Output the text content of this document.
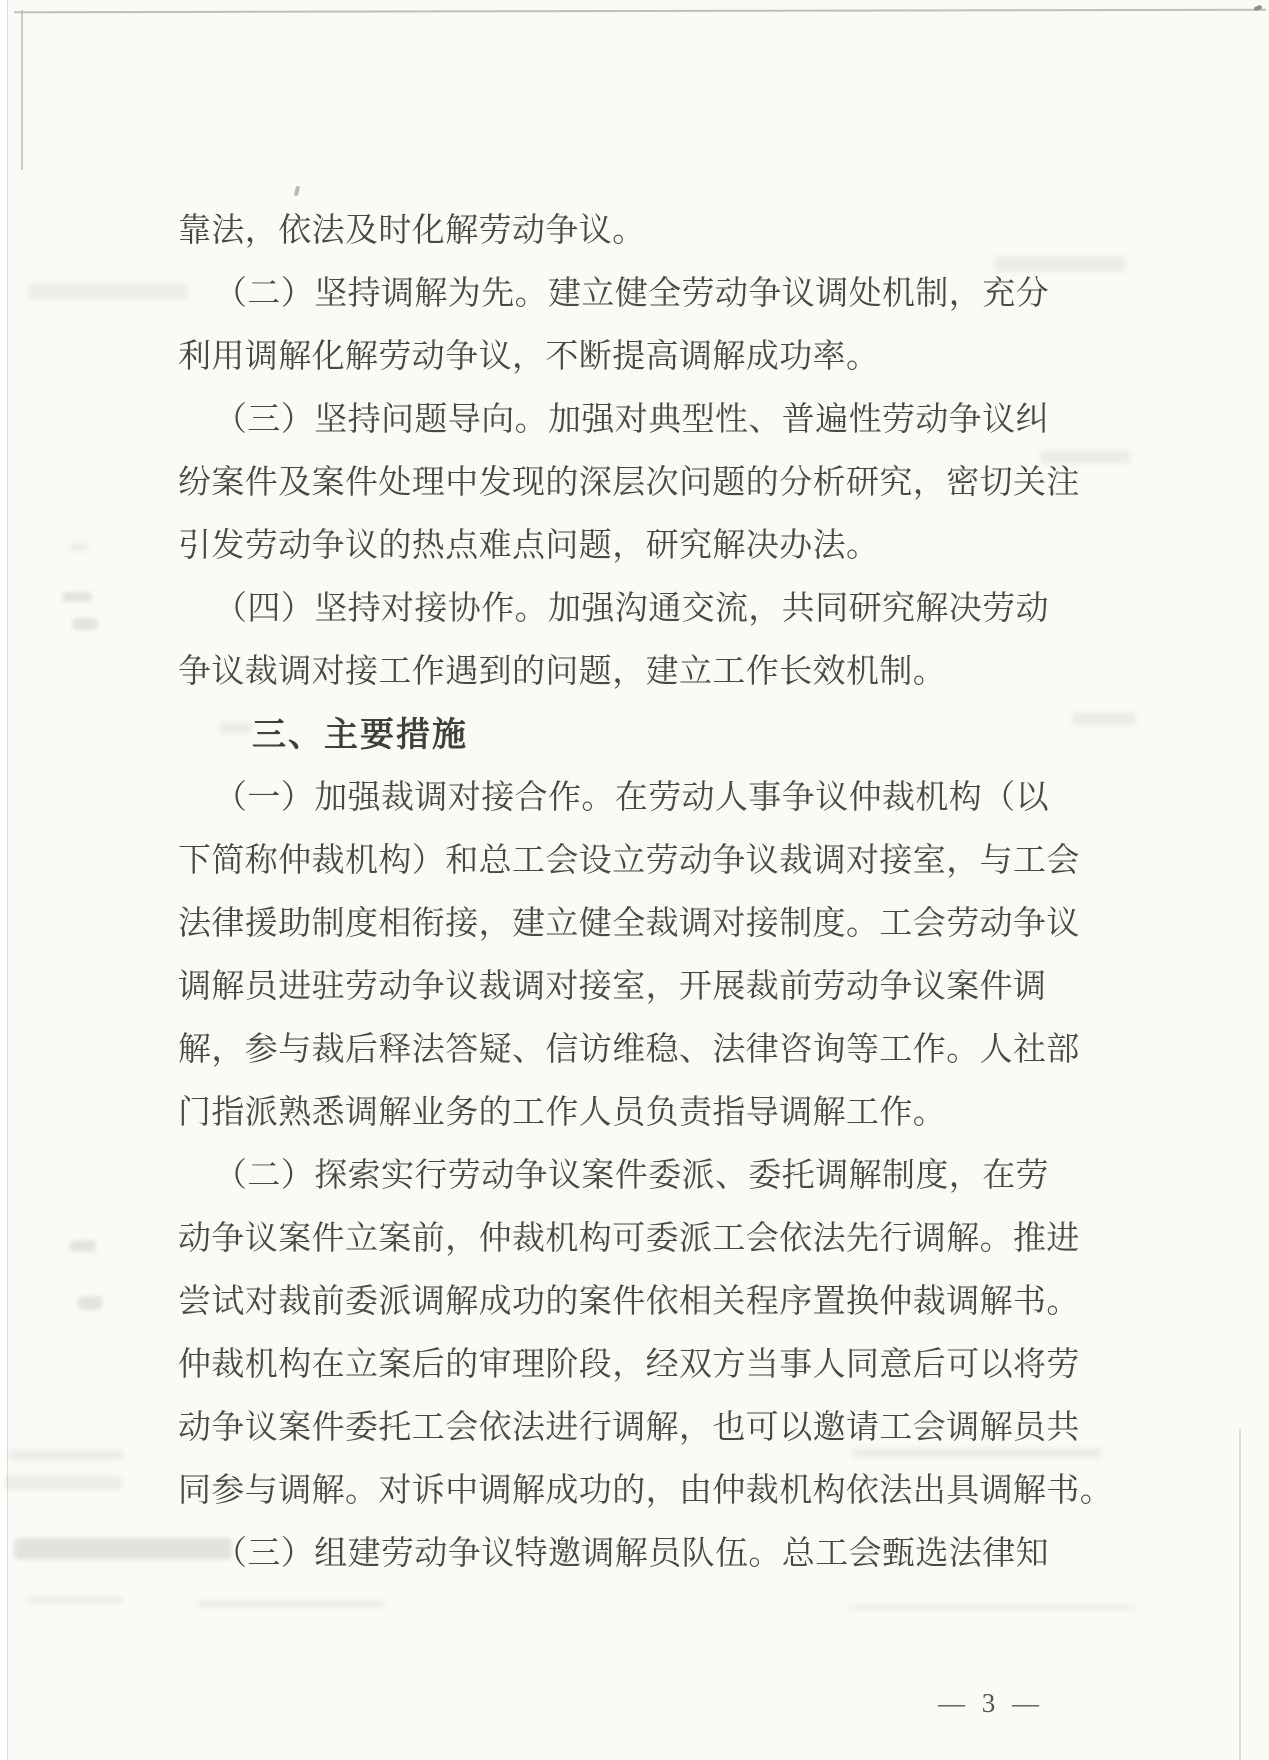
靠法，依法及时化解劳动争议。
（二）坚持调解为先。建立健全劳动争议调处机制，充分
利用调解化解劳动争议，不断提高调解成功率。
（三）坚持问题导向。加强对典型性、普遍性劳动争议纠
纷案件及案件处理中发现的深层次问题的分析研究，密切关注
引发劳动争议的热点难点问题，研究解决办法。
（四）坚持对接协作。加强沟通交流，共同研究解决劳动
争议裁调对接工作遇到的问题，建立工作长效机制。
三、主要措施
（一）加强裁调对接合作。在劳动人事争议仲裁机构（以
下简称仲裁机构）和总工会设立劳动争议裁调对接室，与工会
法律援助制度相衔接，建立健全裁调对接制度。工会劳动争议
调解员进驻劳动争议裁调对接室，开展裁前劳动争议案件调
解，参与裁后释法答疑、信访维稳、法律咨询等工作。人社部
门指派熟悉调解业务的工作人员负责指导调解工作。
（二）探索实行劳动争议案件委派、委托调解制度，在劳
动争议案件立案前，仲裁机构可委派工会依法先行调解。推进
尝试对裁前委派调解成功的案件依相关程序置换仲裁调解书。
仲裁机构在立案后的审理阶段，经双方当事人同意后可以将劳
动争议案件委托工会依法进行调解，也可以邀请工会调解员共
同参与调解。对诉中调解成功的，由仲裁机构依法出具调解书。
（三）组建劳动争议特邀调解员队伍。总工会甄选法律知
— 3 —
